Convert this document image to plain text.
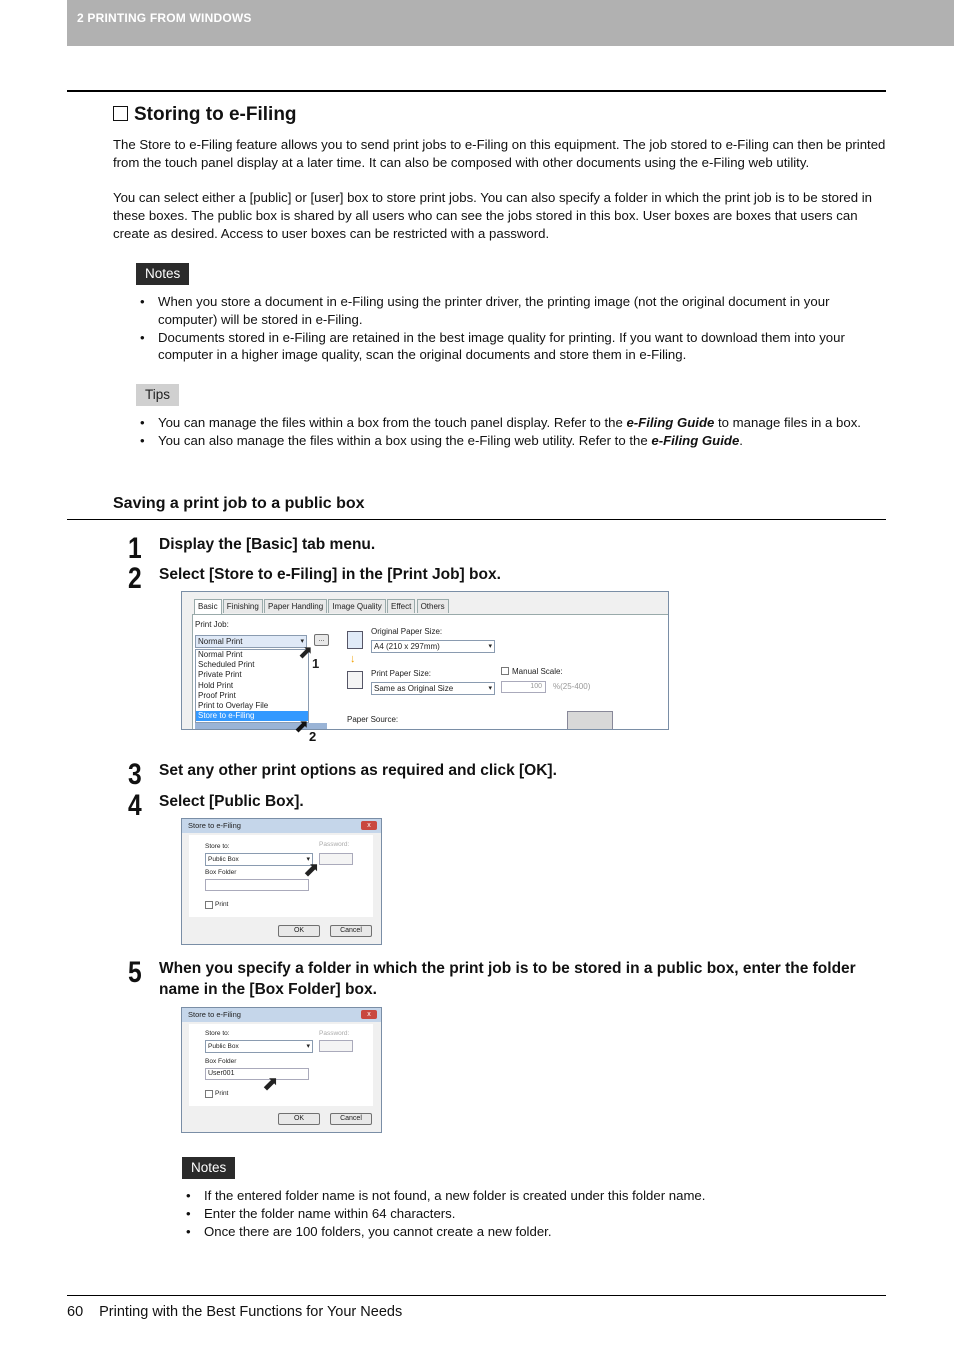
2 PRINTING FROM WINDOWS
Storing to e-Filing
The Store to e-Filing feature allows you to send print jobs to e-Filing on this equipment. The job stored to e-Filing can then be printed from the touch panel display at a later time. It can also be composed with other documents using the e-Filing web utility.
You can select either a [public] or [user] box to store print jobs. You can also specify a folder in which the print job is to be stored in these boxes. The public box is shared by all users who can see the jobs stored in this box. User boxes are boxes that users can create as desired. Access to user boxes can be restricted with a password.
Notes
• When you store a document in e-Filing using the printer driver, the printing image (not the original document in your computer) will be stored in e-Filing.
• Documents stored in e-Filing are retained in the best image quality for printing. If you want to download them into your computer in a higher image quality, scan the original documents and store them in e-Filing.
Tips
• You can manage the files within a box from the touch panel display. Refer to the e-Filing Guide to manage files in a box.
• You can also manage the files within a box using the e-Filing web utility. Refer to the e-Filing Guide.
Saving a print job to a public box
1 Display the [Basic] tab menu.
2 Select [Store to e-Filing] in the [Print Job] box.
Basic Finishing Paper Handling Image Quality Effect Others
Print Job:
Normal Print ▾	...
Normal Print
Scheduled Print
Private Print
Hold Print
Proof Print
Print to Overlay File
Store to e-Filing
↓
Original Paper Size:
A4 (210 x 297mm) ▾
Print Paper Size:
Same as Original Size ▾
Manual Scale:
100	%(25-400)
Paper Source:
⬈
1
⬈
2
3 Set any other print options as required and click [OK].
4 Select [Public Box].
Store to e-Filing	x
Store to:
Public Box ▾
Password:
Box Folder
Print
OK	Cancel
⬈
5 When you specify a folder in which the print job is to be stored in a public box, enter the folder name in the [Box Folder] box.
Store to e-Filing	x
Store to:
Public Box ▾
Password:
Box Folder
User001
Print
OK	Cancel
⬈
Notes
• If the entered folder name is not found, a new folder is created under this folder name.
• Enter the folder name within 64 characters.
• Once there are 100 folders, you cannot create a new folder.
60 Printing with the Best Functions for Your Needs
